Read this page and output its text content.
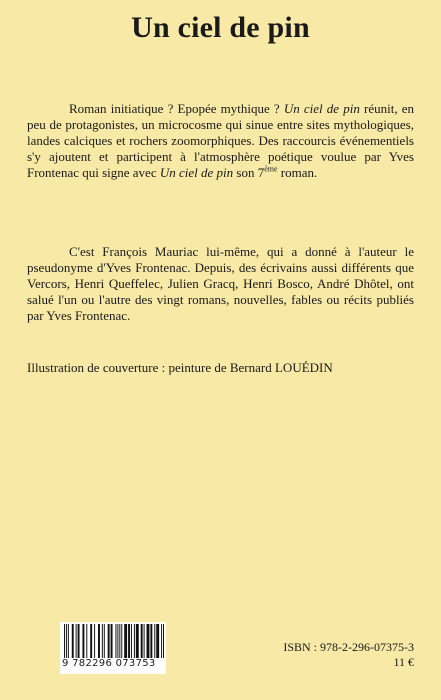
Un ciel de pin

Roman initiatique ? Epopée mythique ? Un ciel de pin réunit, en peu de protagonistes, un microcosme qui sinue entre sites mythologiques, landes calciques et rochers zoomorphiques. Des raccourcis événementiels s'y ajoutent et participent à l'atmosphère poétique voulue par Yves Frontenac qui signe avec Un ciel de pin son 7ème roman.

C'est François Mauriac lui-même, qui a donné à l'auteur le pseudonyme d'Yves Frontenac. Depuis, des écrivains aussi différents que Vercors, Henri Queffelec, Julien Gracq, Henri Bosco, André Dhôtel, ont salué l'un ou l'autre des vingt romans, nouvelles, fables ou récits publiés par Yves Frontenac.

Illustration de couverture : peinture de Bernard LOUÉDIN

9 782296 073753
ISBN : 978-2-296-07375-3
11 €
